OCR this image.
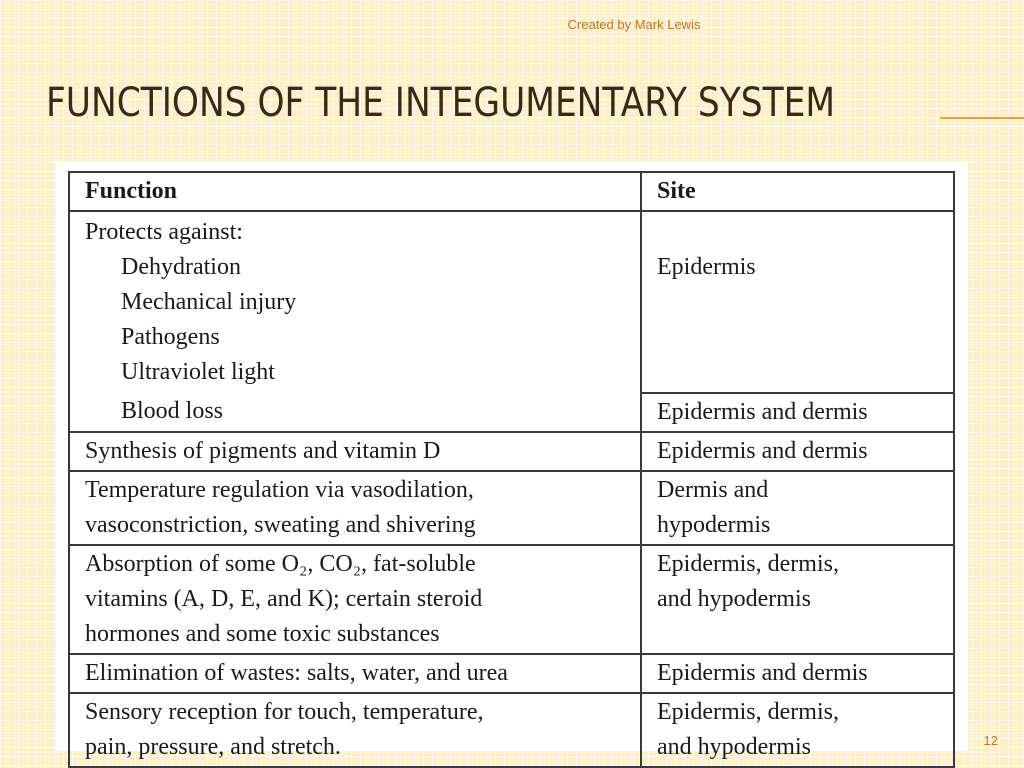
Created by Mark Lewis
FUNCTIONS OF THE INTEGUMENTARY SYSTEM
Function	Site

Protects against:
Dehydration
Mechanical injury
Pathogens
Ultraviolet light	Epidermis

Blood loss	Epidermis and dermis

Synthesis of pigments and vitamin D	Epidermis and dermis

Temperature regulation via vasodilation,
vasoconstriction, sweating and shivering	Dermis and
hypodermis

Absorption of some O₂, CO₂, fat-soluble
vitamins (A, D, E, and K); certain steroid
hormones and some toxic substances	Epidermis, dermis,
and hypodermis

Elimination of wastes: salts, water, and urea	Epidermis and dermis

Sensory reception for touch, temperature,
pain, pressure, and stretch.	Epidermis, dermis,
and hypodermis	12
